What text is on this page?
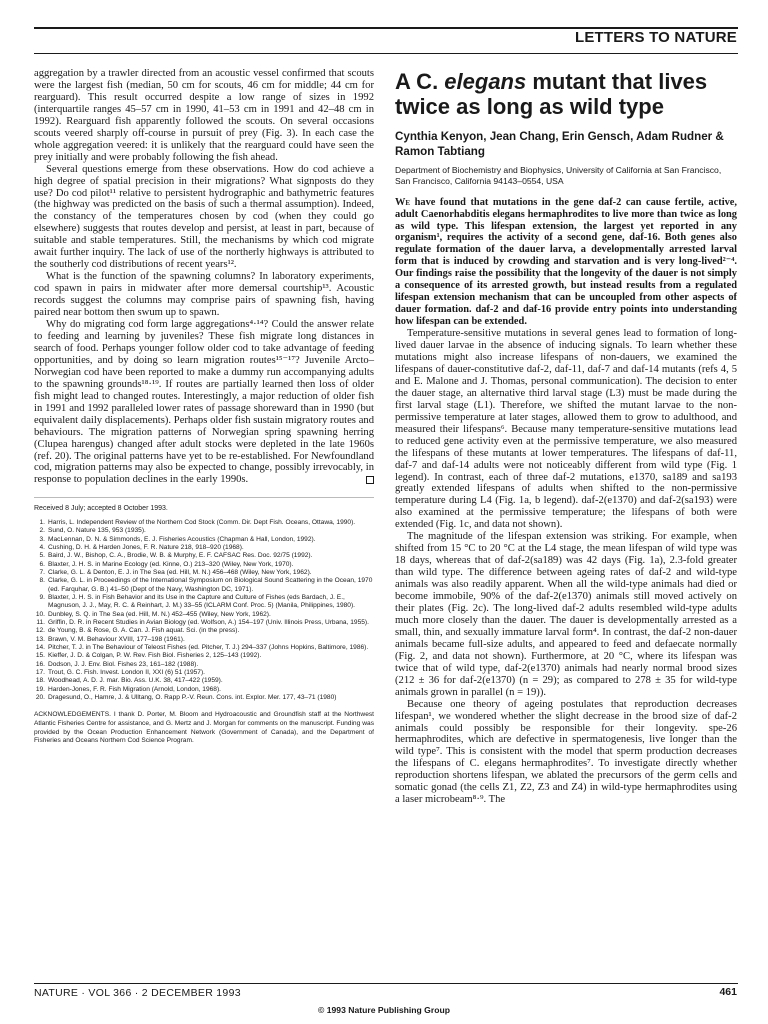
LETTERS TO NATURE

aggregation by a trawler directed from an acoustic vessel confirmed that scouts were the largest fish (median, 50 cm for scouts, 46 cm for middle; 44 cm for rearguard). This result occurred despite a low range of sizes in 1992 (interquartile ranges 45–57 cm in 1990, 41–53 cm in 1991 and 42–48 cm in 1992). Rearguard fish apparently followed the scouts. On several occasions scouts veered sharply off-course in pursuit of prey (Fig. 3). In each case the whole aggregation veered: it is unlikely that the rearguard could have seen the prey initially and were probably following the fish ahead.

Several questions emerge from these observations. How do cod achieve a high degree of spatial precision in their migrations? What signposts do they use? Do cod pilot¹¹ relative to persistent hydrographic and bathymetric features (the highway was predicted on the basis of such a thermal assumption). Indeed, the constancy of the temperatures chosen by cod (when they could go elsewhere) suggests that routes develop and persist, at least in part, because of suitable and stable temperatures. Still, the mechanisms by which cod migrate await further inquiry. The lack of use of the northerly highways is attributed to the southerly cod distributions of recent years¹².

What is the function of the spawning columns? In laboratory experiments, cod spawn in pairs in midwater after more demersal courtship¹³. Acoustic records suggest the columns may comprise pairs of spawning fish, having paired near bottom then swum up to spawn.

Why do migrating cod form large aggregations⁴·¹⁴? Could the answer relate to feeding and learning by juveniles? These fish migrate long distances in search of food. Perhaps younger follow older cod to take advantage of feeding opportunities, and by doing so learn migration routes¹⁵⁻¹⁷? Juvenile Arcto–Norwegian cod have been reported to make a dummy run accompanying adults to the spawning grounds¹⁸·¹⁹. If routes are partially learned then loss of older fish might lead to changed routes. Interestingly, a major reduction of older fish in 1991 and 1992 paralleled lower rates of passage shoreward than in 1990 (but equivalent daily displacements). Perhaps older fish sustain migratory routes and behaviours. The migration patterns of Norwegian spring spawning herring (Clupea harengus) changed after adult stocks were depleted in the late 1960s (ref. 20). The original patterns have yet to be re-established. For Newfoundland cod, migration patterns may also be expected to change, possibly irrevocably, in response to population declines in the early 1990s.

Received 8 July; accepted 8 October 1993.
1. Harris, L. Independent Review of the Northern Cod Stock (Comm. Dir. Dept Fish. Oceans, Ottawa, 1990).
2. Sund, O. Nature 135, 953 (1935).
3. MacLennan, D. N. & Simmonds, E. J. Fisheries Acoustics (Chapman & Hall, London, 1992).
4. Cushing, D. H. & Harden Jones, F. R. Nature 218, 918–920 (1968).
5. Baird, J. W., Bishop, C. A., Brodie, W. B. & Murphy, E. F. CAFSAC Res. Doc. 92/75 (1992).
6. Blaxter, J. H. S. in Marine Ecology (ed. Kinne, O.) 213–320 (Wiley, New York, 1970).
7. Clarke, G. L. & Denton, E. J. in The Sea (ed. Hill, M. N.) 456–468 (Wiley, New York, 1962).
8. Clarke, G. L. in Proceedings of the International Symposium on Biological Sound Scattering in the Ocean, 1970 (ed. Farquhar, G. B.) 41–50 (Dept of the Navy, Washington DC, 1971).
9. Blaxter, J. H. S. in Fish Behavior and its Use in the Capture and Culture of Fishes (eds Bardach, J. E., Magnuson, J. J., May, R. C. & Reinhart, J. M.) 33–55 (ICLARM Conf. Proc. 5) (Manila, Philippines, 1980).
10. Dunbley, S. Q. in The Sea (ed. Hill, M. N.) 452–455 (Wiley, New York, 1962).
11. Griffin, D. R. in Recent Studies in Avian Biology (ed. Wolfson, A.) 154–197 (Univ. Illinois Press, Urbana, 1955).
12. de Young, B. & Rose, G. A. Can. J. Fish aquat. Sci. (in the press).
13. Brawn, V. M. Behaviour XVIII, 177–198 (1961).
14. Pitcher, T. J. in The Behaviour of Teleost Fishes (ed. Pitcher, T. J.) 294–337 (Johns Hopkins, Baltimore, 1986).
15. Kieffer, J. D. & Colgan, P. W. Rev. Fish Biol. Fisheries 2, 125–143 (1992).
16. Dodson, J. J. Env. Biol. Fishes 23, 161–182 (1988).
17. Trout, G. C. Fish. Invest. London II, XXI (6) 51 (1957).
18. Woodhead, A. D. J. mar. Bio. Ass. U.K. 38, 417–422 (1959).
19. Harden-Jones, F. R. Fish Migration (Arnold, London, 1968).
20. Dragesund, O., Hamre, J. & Ulltang, O. Rapp P.-V. Reun. Cons. int. Explor. Mer. 177, 43–71 (1980)
ACKNOWLEDGEMENTS. I thank D. Porter, M. Bloom and Hydroacoustic and Groundfish staff at the Northwest Atlantic Fisheries Centre for assistance, and G. Mertz and J. Morgan for comments on the manuscript. Funding was provided by the Ocean Production Enhancement Network (Government of Canada), and the Department of Fisheries and Oceans Northern Cod Science Program.
A C. elegans mutant that lives twice as long as wild type
Cynthia Kenyon, Jean Chang, Erin Gensch, Adam Rudner & Ramon Tabtiang
Department of Biochemistry and Biophysics, University of California at San Francisco, San Francisco, California 94143–0554, USA

We have found that mutations in the gene daf-2 can cause fertile, active, adult Caenorhabditis elegans hermaphrodites to live more than twice as long as wild type. This lifespan extension, the largest yet reported in any organism¹, requires the activity of a second gene, daf-16. Both genes also regulate formation of the dauer larva, a developmentally arrested larval form that is induced by crowding and starvation and is very long-lived²⁻⁴. Our findings raise the possibility that the longevity of the dauer is not simply a consequence of its arrested growth, but instead results from a regulated lifespan extension mechanism that can be uncoupled from other aspects of dauer formation. daf-2 and daf-16 provide entry points into understanding how lifespan can be extended.

Temperature-sensitive mutations in several genes lead to formation of long-lived dauer larvae in the absence of inducing signals. To learn whether these mutations might also increase lifespans of non-dauers, we examined the lifespans of dauer-constitutive daf-2, daf-11, daf-7 and daf-14 mutants (refs 4, 5 and E. Malone and J. Thomas, personal communication). The decision to enter the dauer stage, an alternative third larval stage (L3) must be made during the first larval stage (L1). Therefore, we shifted the mutant larvae to the non-permissive temperature at later stages, allowed them to grow to adulthood, and measured their lifespans⁶. Because many temperature-sensitive mutations lead to reduced gene activity even at the permissive temperature, we also measured the lifespans of these mutants at lower temperatures. The lifespans of daf-11, daf-7 and daf-14 adults were not noticeably different from wild type (Fig. 1 legend). In contrast, each of three daf-2 mutations, e1370, sa189 and sa193 greatly extended lifespans of adults when shifted to the non-permissive temperature during L4 (Fig. 1a, b legend). daf-2(e1370) and daf-2(sa193) were also examined at the permissive temperature; the lifespans of both were extended (Fig. 1c, and data not shown).

The magnitude of the lifespan extension was striking. For example, when shifted from 15 °C to 20 °C at the L4 stage, the mean lifespan of wild type was 18 days, whereas that of daf-2(sa189) was 42 days (Fig. 1a), 2.3-fold greater than wild type. The difference between ageing rates of daf-2 and wild-type animals was also readily apparent. When all the wild-type animals had died or become immobile, 90% of the daf-2(e1370) animals still moved actively on their plates (Fig. 2c). The long-lived daf-2 adults resembled wild-type adults much more closely than the dauer. The dauer is developmentally arrested as a small, thin, and sexually immature larval form⁴. In contrast, the daf-2 non-dauer animals became full-size adults, and appeared to feed and defaecate normally (Fig. 2, and data not shown). Furthermore, at 20 °C, where its lifespan was twice that of wild type, daf-2(e1370) animals had nearly normal brood sizes (212 ± 36 for daf-2(e1370) (n = 29); as compared to 278 ± 35 for wild-type animals grown in parallel (n = 19)).

Because one theory of ageing postulates that reproduction decreases lifespan¹, we wondered whether the slight decrease in the brood size of daf-2 animals could possibly be responsible for their longevity. spe-26 hermaphrodites, which are defective in spermatogenesis, live longer than the wild type⁷. This is consistent with the model that sperm production decreases the lifespans of C. elegans hermaphrodites⁷. To investigate directly whether reproduction shortens lifespan, we ablated the precursors of the germ cells and somatic gonad (the cells Z1, Z2, Z3 and Z4) in wild-type hermaphrodites using a laser microbeam⁸·⁹. The

NATURE · VOL 366 · 2 DECEMBER 1993	461
© 1993 Nature Publishing Group
